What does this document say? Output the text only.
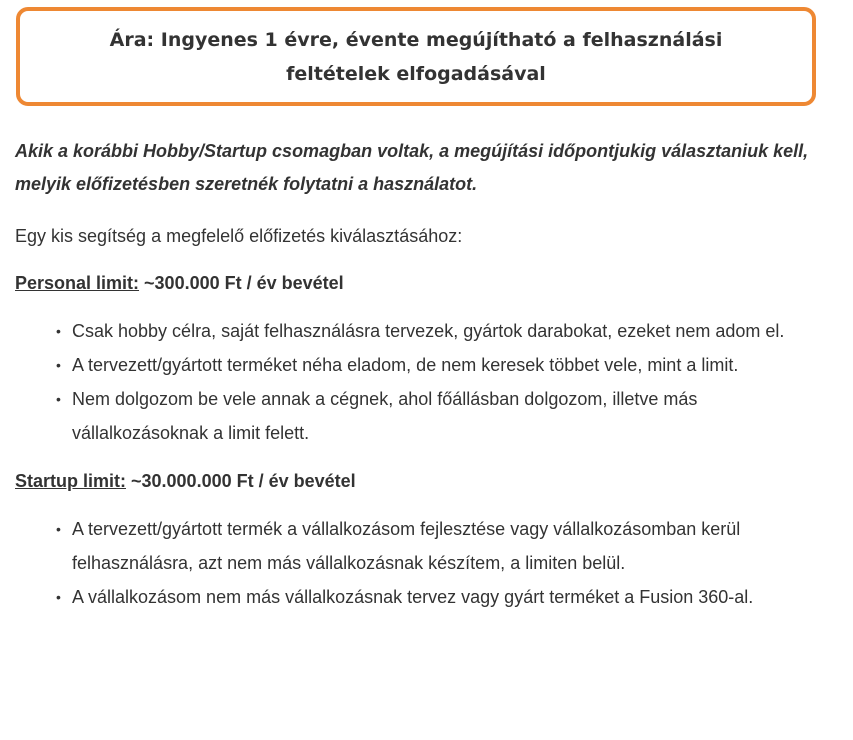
Ára: Ingyenes 1 évre, évente megújítható a felhasználási feltételek elfogadásával

Akik a korábbi Hobby/Startup csomagban voltak, a megújítási időpontjukig választaniuk kell, melyik előfizetésben szeretnék folytatni a használatot.

Egy kis segítség a megfelelő előfizetés kiválasztásához:

Personal limit: ~300.000 Ft / év bevétel

• Csak hobby célra, saját felhasználásra tervezek, gyártok darabokat, ezeket nem adom el.
• A tervezett/gyártott terméket néha eladom, de nem keresek többet vele, mint a limit.
• Nem dolgozom be vele annak a cégnek, ahol főállásban dolgozom, illetve más vállalkozásoknak a limit felett.

Startup limit: ~30.000.000 Ft / év bevétel

• A tervezett/gyártott termék a vállalkozásom fejlesztése vagy vállalkozásomban kerül felhasználásra, azt nem más vállalkozásnak készítem, a limiten belül.
• A vállalkozásom nem más vállalkozásnak tervez vagy gyárt terméket a Fusion 360-al.
